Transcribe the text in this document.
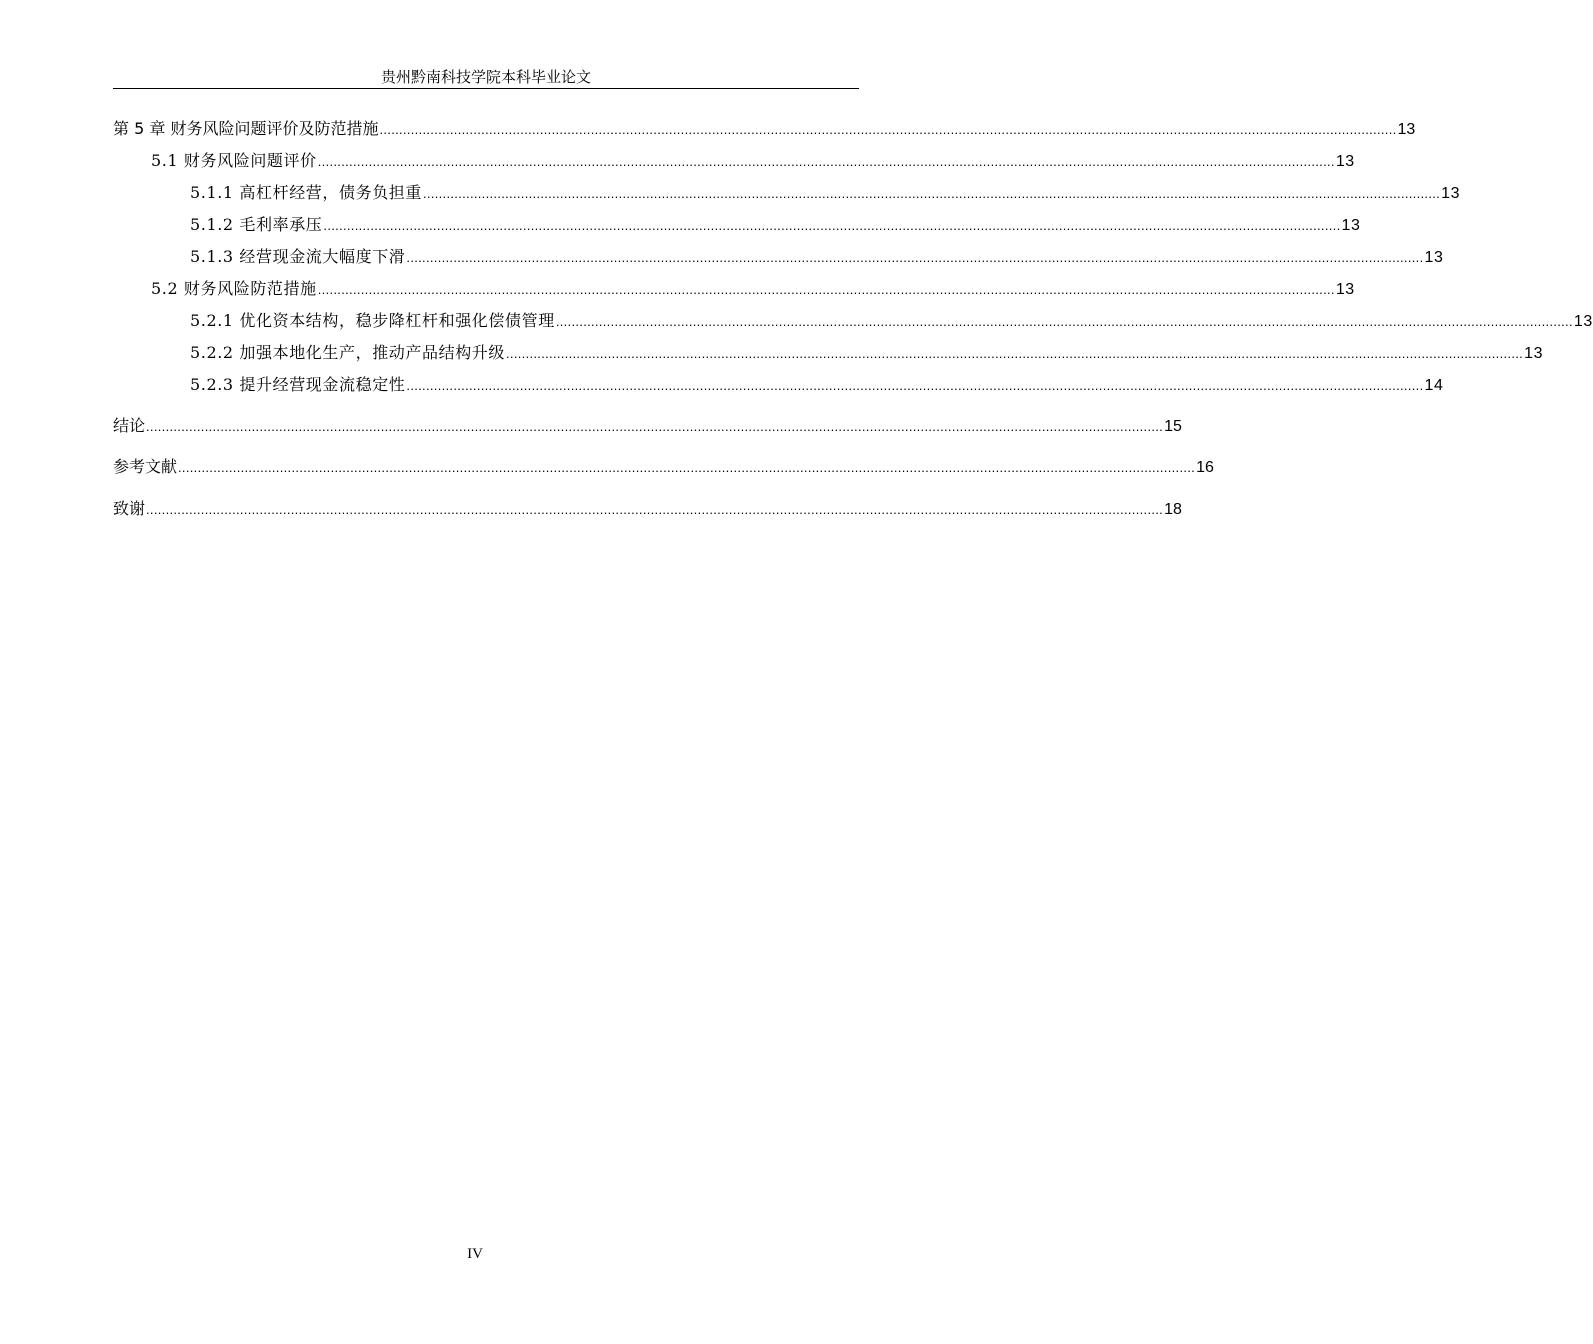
贵州黔南科技学院本科毕业论文
第 5 章 财务风险问题评价及防范措施 .................................................................................................................................................................................................................................................................... 13
5.1 财务风险问题评价 .................................................................................................................................................................................................................................................................... 13
5.1.1 高杠杆经营，债务负担重 .................................................................................................................................................................................................................................................................... 13
5.1.2 毛利率承压 .................................................................................................................................................................................................................................................................... 13
5.1.3 经营现金流大幅度下滑 .................................................................................................................................................................................................................................................................... 13
5.2 财务风险防范措施 .................................................................................................................................................................................................................................................................... 13
5.2.1 优化资本结构，稳步降杠杆和强化偿债管理 .................................................................................................................................................................................................................................................................... 13
5.2.2 加强本地化生产，推动产品结构升级 .................................................................................................................................................................................................................................................................... 13
5.2.3 提升经营现金流稳定性 .................................................................................................................................................................................................................................................................... 14
结论 .................................................................................................................................................................................................................................................................... 15
参考文献 .................................................................................................................................................................................................................................................................... 16
致谢 .................................................................................................................................................................................................................................................................... 18
IV
